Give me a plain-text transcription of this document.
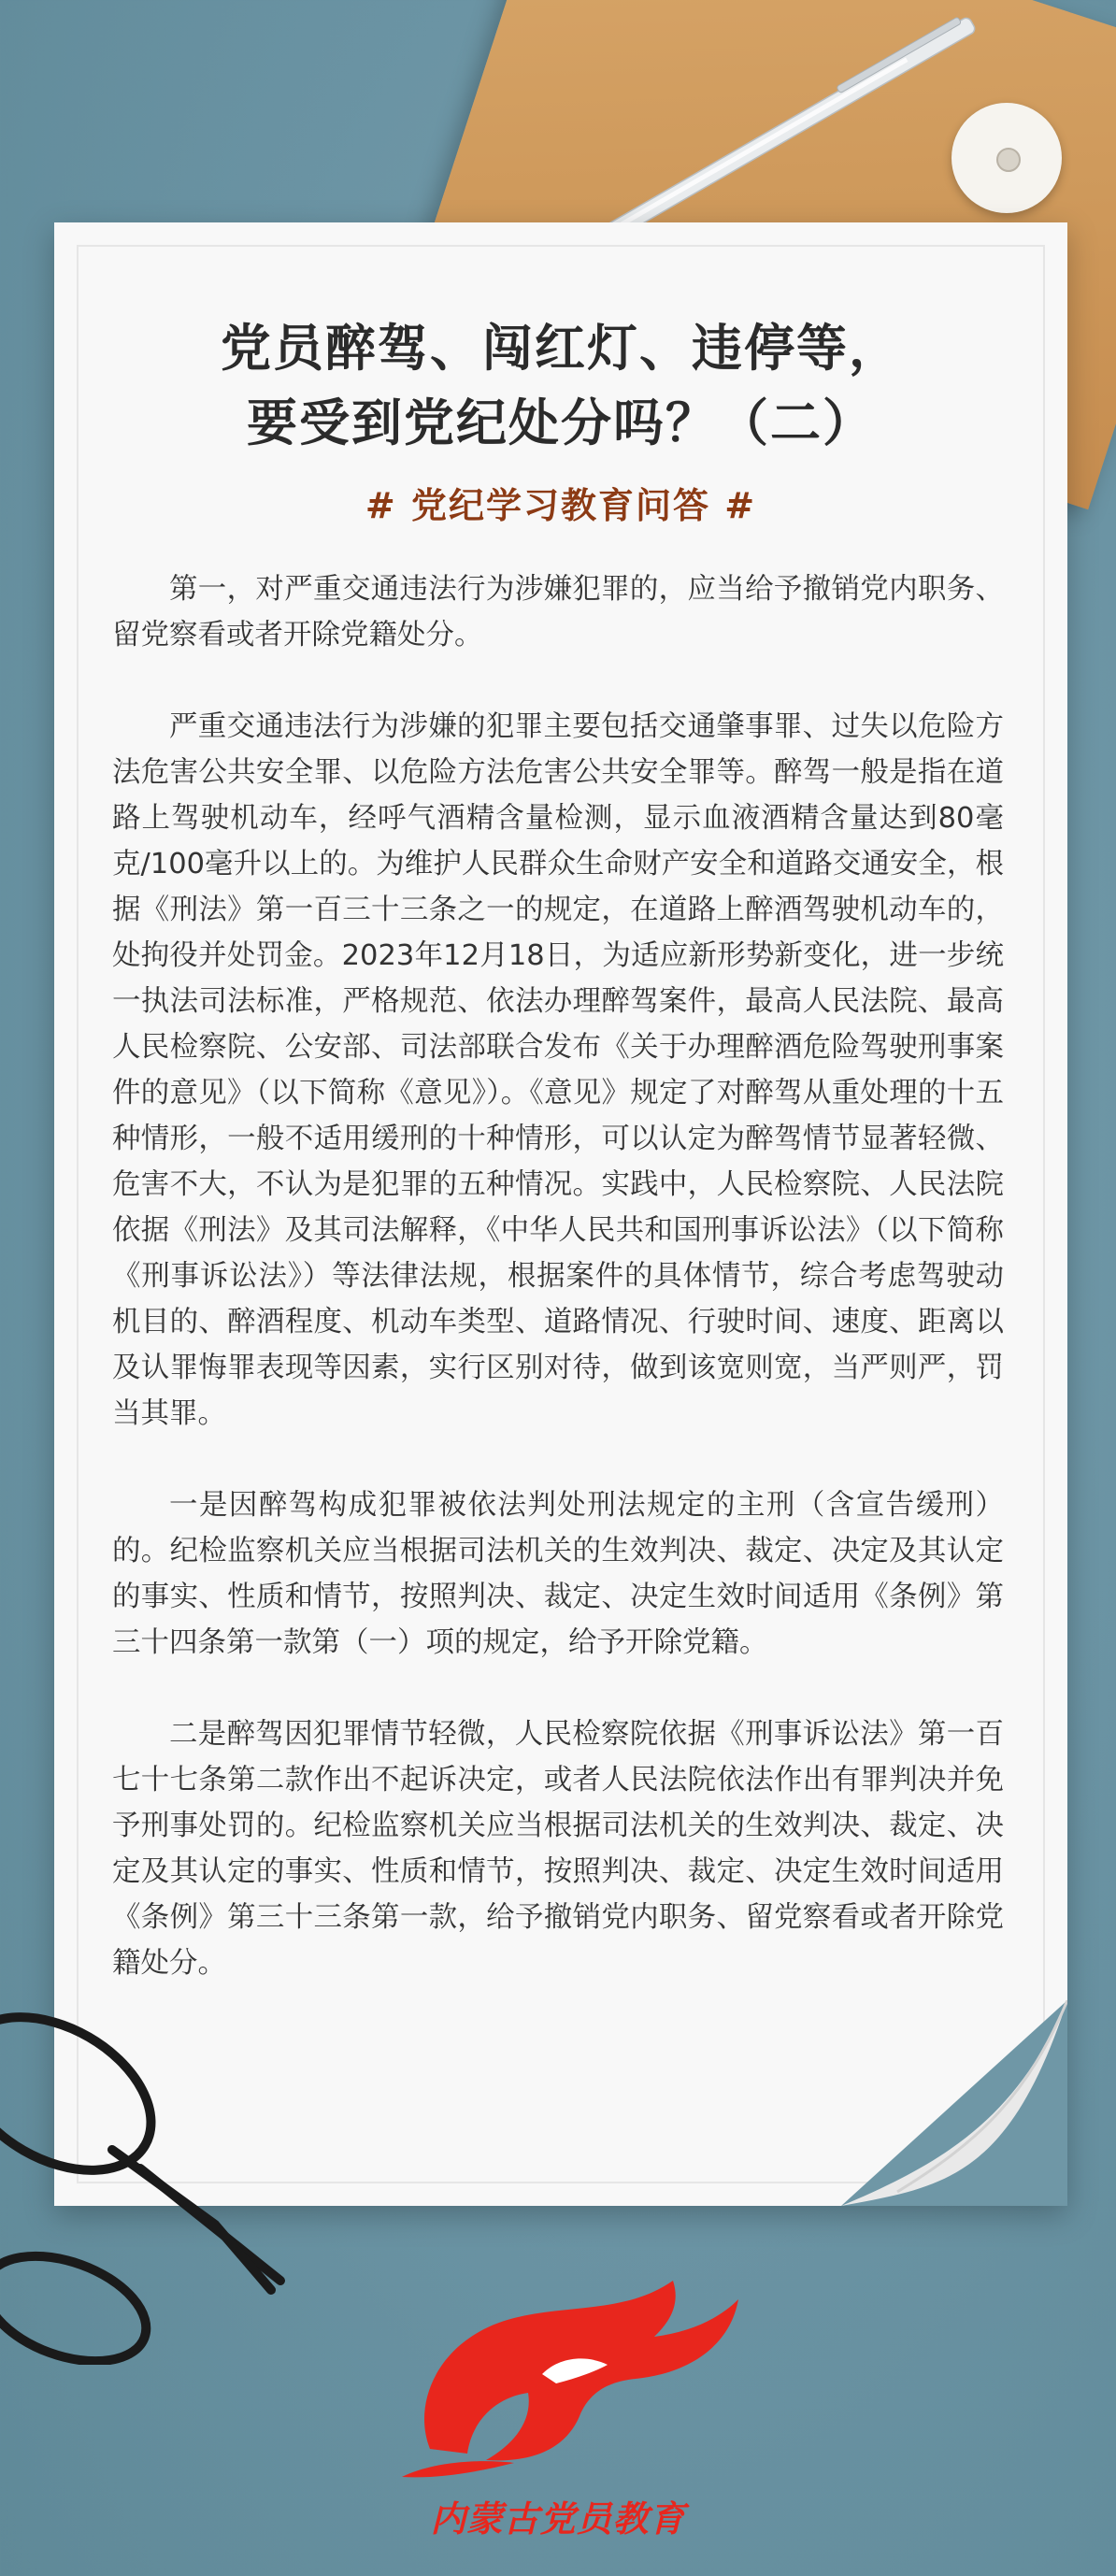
党员醉驾、闯红灯、违停等，
要受到党纪处分吗？（二）
# 党纪学习教育问答 #

第一，对严重交通违法行为涉嫌犯罪的，应当给予撤销党内职务、留党察看或者开除党籍处分。

严重交通违法行为涉嫌的犯罪主要包括交通肇事罪、过失以危险方法危害公共安全罪、以危险方法危害公共安全罪等。醉驾一般是指在道路上驾驶机动车，经呼气酒精含量检测，显示血液酒精含量达到80毫克/100毫升以上的。为维护人民群众生命财产安全和道路交通安全，根据《刑法》第一百三十三条之一的规定，在道路上醉酒驾驶机动车的，处拘役并处罚金。2023年12月18日，为适应新形势新变化，进一步统一执法司法标准，严格规范、依法办理醉驾案件，最高人民法院、最高人民检察院、公安部、司法部联合发布《关于办理醉酒危险驾驶刑事案件的意见》（以下简称《意见》）。《意见》规定了对醉驾从重处理的十五种情形，一般不适用缓刑的十种情形，可以认定为醉驾情节显著轻微、危害不大，不认为是犯罪的五种情况。实践中，人民检察院、人民法院依据《刑法》及其司法解释，《中华人民共和国刑事诉讼法》（以下简称《刑事诉讼法》）等法律法规，根据案件的具体情节，综合考虑驾驶动机目的、醉酒程度、机动车类型、道路情况、行驶时间、速度、距离以及认罪悔罪表现等因素，实行区别对待，做到该宽则宽，当严则严，罚当其罪。

一是因醉驾构成犯罪被依法判处刑法规定的主刑（含宣告缓刑）的。纪检监察机关应当根据司法机关的生效判决、裁定、决定及其认定的事实、性质和情节，按照判决、裁定、决定生效时间适用《条例》第三十四条第一款第（一）项的规定，给予开除党籍。

二是醉驾因犯罪情节轻微，人民检察院依据《刑事诉讼法》第一百七十七条第二款作出不起诉决定，或者人民法院依法作出有罪判决并免予刑事处罚的。纪检监察机关应当根据司法机关的生效判决、裁定、决定及其认定的事实、性质和情节，按照判决、裁定、决定生效时间适用《条例》第三十三条第一款，给予撤销党内职务、留党察看或者开除党籍处分。

内蒙古党员教育
